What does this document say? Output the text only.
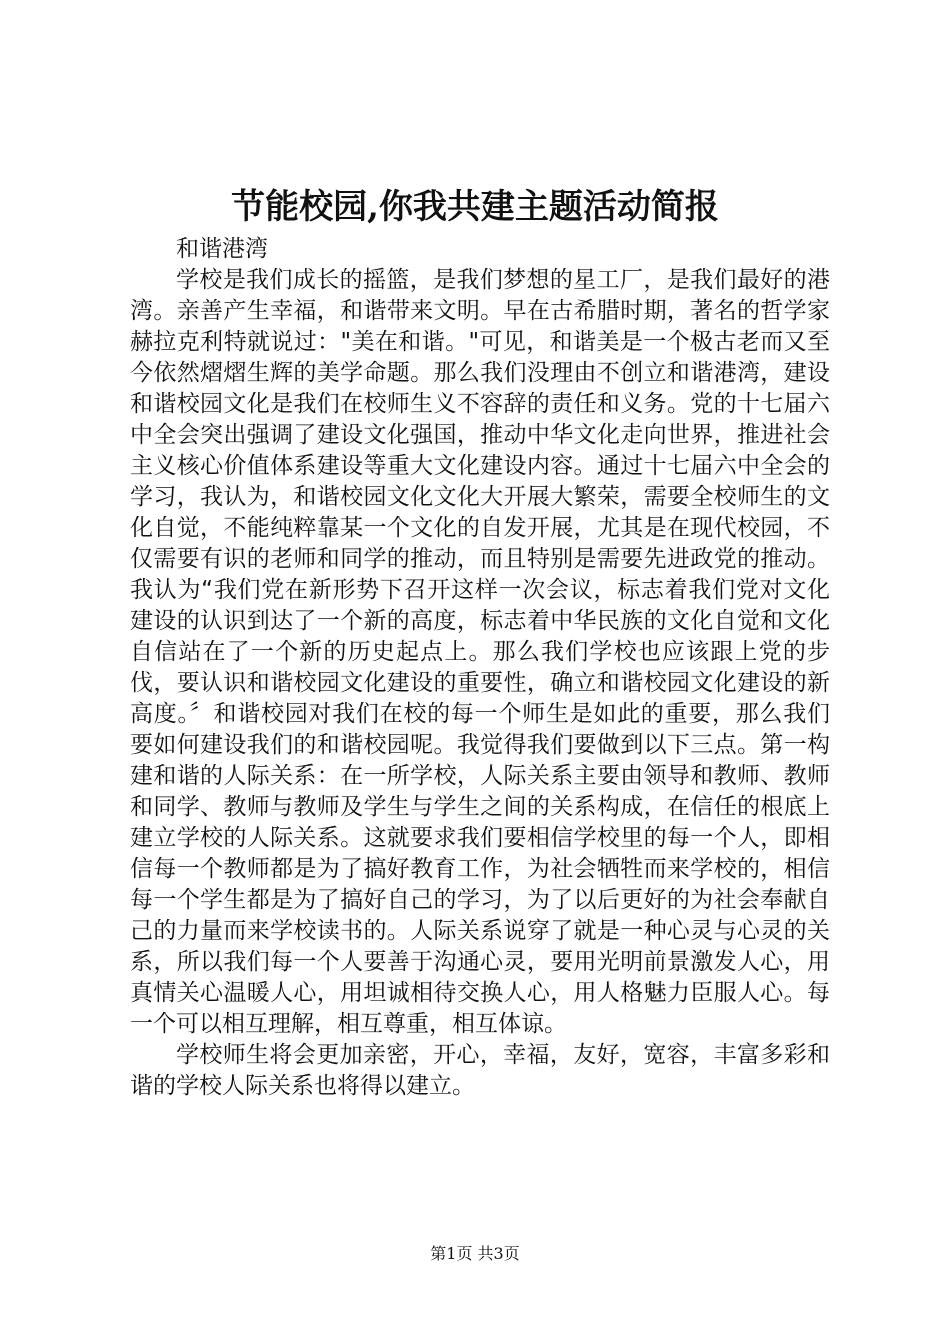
节能校园,你我共建主题活动简报

和谐港湾

学校是我们成长的摇篮，是我们梦想的星工厂，是我们最好的港湾。亲善产生幸福，和谐带来文明。早在古希腊时期，著名的哲学家赫拉克利特就说过："美在和谐。"可见，和谐美是一个极古老而又至今依然熠熠生辉的美学命题。那么我们没理由不创立和谐港湾，建设和谐校园文化是我们在校师生义不容辞的责任和义务。党的十七届六中全会突出强调了建设文化强国，推动中华文化走向世界，推进社会主义核心价值体系建设等重大文化建设内容。通过十七届六中全会的学习，我认为，和谐校园文化文化大开展大繁荣，需要全校师生的文化自觉，不能纯粹靠某一个文化的自发开展，尤其是在现代校园，不仅需要有识的老师和同学的推动，而且特别是需要先进政党的推动。我认为“我们党在新形势下召开这样一次会议，标志着我们党对文化建设的认识到达了一个新的高度，标志着中华民族的文化自觉和文化自信站在了一个新的历史起点上。那么我们学校也应该跟上党的步伐，要认识和谐校园文化建设的重要性，确立和谐校园文化建设的新高度。〞和谐校园对我们在校的每一个师生是如此的重要，那么我们要如何建设我们的和谐校园呢。我觉得我们要做到以下三点。第一构建和谐的人际关系：在一所学校，人际关系主要由领导和教师、教师和同学、教师与教师及学生与学生之间的关系构成，在信任的根底上建立学校的人际关系。这就要求我们要相信学校里的每一个人，即相信每一个教师都是为了搞好教育工作，为社会牺牲而来学校的，相信每一个学生都是为了搞好自己的学习，为了以后更好的为社会奉献自己的力量而来学校读书的。人际关系说穿了就是一种心灵与心灵的关系，所以我们每一个人要善于沟通心灵，要用光明前景激发人心，用真情关心温暖人心，用坦诚相待交换人心，用人格魅力臣服人心。每一个可以相互理解，相互尊重，相互体谅。

学校师生将会更加亲密，开心，幸福，友好，宽容，丰富多彩和谐的学校人际关系也将得以建立。

第1页 共3页
